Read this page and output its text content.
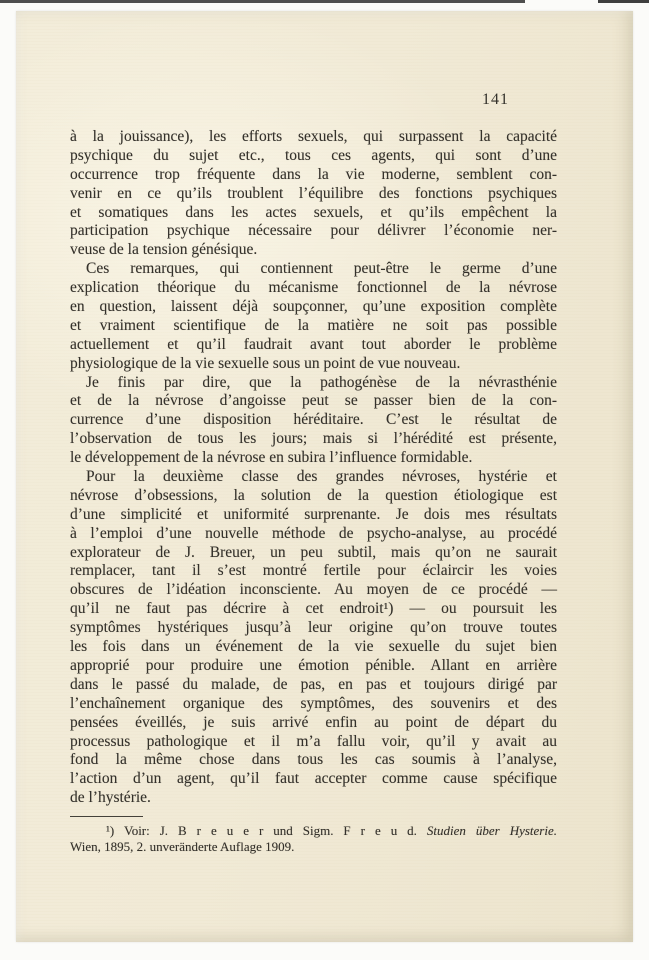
141
à la jouissance), les efforts sexuels, qui surpassent la capacité
psychique du sujet etc., tous ces agents, qui sont d’une
occurrence trop fréquente dans la vie moderne, semblent con-
venir en ce qu’ils troublent l’équilibre des fonctions psychiques
et somatiques dans les actes sexuels, et qu’ils empêchent la
participation psychique nécessaire pour délivrer l’économie ner-
veuse de la tension génésique.
Ces remarques, qui contiennent peut-être le germe d’une
explication théorique du mécanisme fonctionnel de la névrose
en question, laissent déjà soupçonner, qu’une exposition complète
et vraiment scientifique de la matière ne soit pas possible
actuellement et qu’il faudrait avant tout aborder le problème
physiologique de la vie sexuelle sous un point de vue nouveau.
Je finis par dire, que la pathogénèse de la névrasthénie
et de la névrose d’angoisse peut se passer bien de la con-
currence d’une disposition héréditaire. C’est le résultat de
l’observation de tous les jours; mais si l’hérédité est présente,
le développement de la névrose en subira l’influence formidable.
Pour la deuxième classe des grandes névroses, hystérie et
névrose d’obsessions, la solution de la question étiologique est
d’une simplicité et uniformité surprenante. Je dois mes résultats
à l’emploi d’une nouvelle méthode de psycho-analyse, au procédé
explorateur de J. Breuer, un peu subtil, mais qu’on ne saurait
remplacer, tant il s’est montré fertile pour éclaircir les voies
obscures de l’idéation inconsciente. Au moyen de ce procédé —
qu’il ne faut pas décrire à cet endroit¹) — ou poursuit les
symptômes hystériques jusqu’à leur origine qu’on trouve toutes
les fois dans un événement de la vie sexuelle du sujet bien
approprié pour produire une émotion pénible. Allant en arrière
dans le passé du malade, de pas, en pas et toujours dirigé par
l’enchaînement organique des symptômes, des souvenirs et des
pensées éveillés, je suis arrivé enfin au point de départ du
processus pathologique et il m’a fallu voir, qu’il y avait au
fond la même chose dans tous les cas soumis à l’analyse,
l’action d’un agent, qu’il faut accepter comme cause spécifique
de l’hystérie.
¹) Voir: J. B r e u e r und Sigm. F r e u d. Studien über Hysterie.
Wien, 1895, 2. unveränderte Auflage 1909.
